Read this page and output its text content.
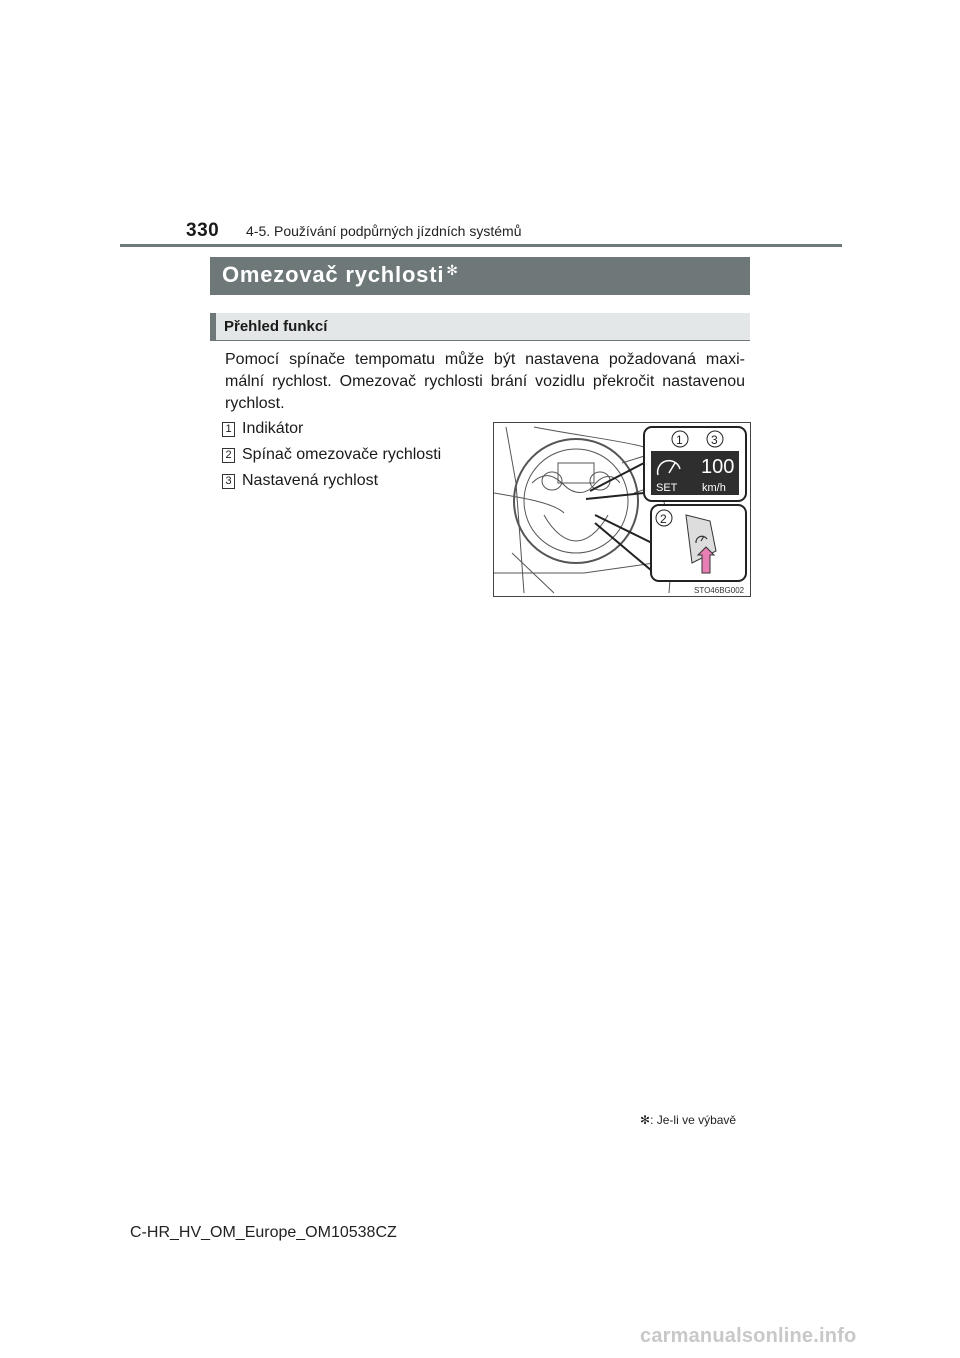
330 4-5. Používání podpůrných jízdních systémů
Omezovač rychlosti ✻
Přehled funkcí
Pomocí spínače tempomatu může být nastavena požadovaná maxi-mální rychlost. Omezovač rychlosti brání vozidlu překročit nastavenou rychlost.
1 Indikátor
2 Spínač omezovače rychlosti
3 Nastavená rychlost
100
SET km/h
1 3
2
STO46BG002
✻: Je-li ve výbavě
C-HR_HV_OM_Europe_OM10538CZ
carmanualsonline.info
